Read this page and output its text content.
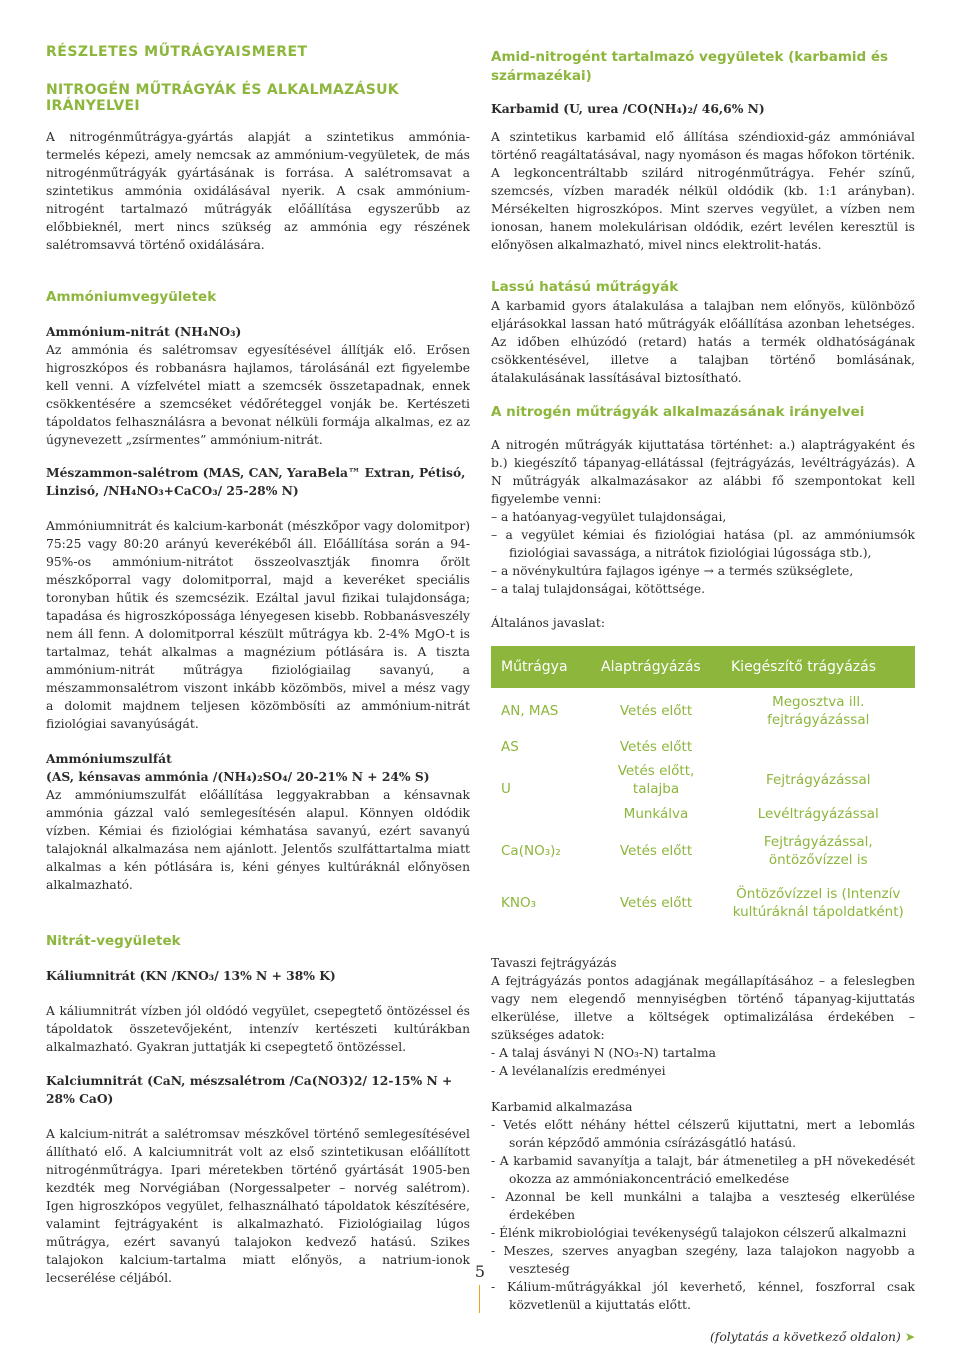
RÉSZLETES MŰTRÁGYAISMERET
NITROGÉN MŰTRÁGYÁK ÉS ALKALMAZÁSUK IRÁNYELVEI

A nitrogénműtrágya-gyártás alapját a szintetikus ammónia-termelés képezi, amely nemcsak az ammónium-vegyületek, de más nitrogénműtrágyák gyártásának is forrása. A salétromsavat a szintetikus ammónia oxidálásával nyerik. A csak ammónium-nitrogént tartalmazó műtrágyák előállítása egyszerűbb az előbbieknél, mert nincs szükség az ammónia egy részének salétromsavvá történő oxidálására.

Ammóniumvegyületek

Ammónium-nitrát (NH₄NO₃)

Az ammónia és salétromsav egyesítésével állítják elő. Erősen higroszkópos és robbanásra hajlamos, tárolásánál ezt figyelembe kell venni. A vízfelvétel miatt a szemcsék összetapadnak, ennek csökkentésére a szemcséket védőréteggel vonják be. Kertészeti tápoldatos felhasználásra a bevonat nélküli formája alkalmas, ez az úgynevezett „zsírmentes” ammónium-nitrát.

Mészammon-salétrom (MAS, CAN, YaraBela™ Extran, Pétisó, Linzisó, /NH₄NO₃+CaCO₃/ 25-28% N)

Ammóniumnitrát és kalcium-karbonát (mészkőpor vagy dolomitpor) 75:25 vagy 80:20 arányú keverékéből áll. Előállítása során a 94-95%-os ammónium-nitrátot összeolvasztják finomra őrölt mészkőporral vagy dolomitporral, majd a keveréket speciális toronyban hűtik és szemcsézik. Ezáltal javul fizikai tulajdonsága; tapadása és higroszkópossága lényegesen kisebb. Robbanásveszély nem áll fenn. A dolomitporral készült műtrágya kb. 2-4% MgO-t is tartalmaz, tehát alkalmas a magnézium pótlására is. A tiszta ammónium-nitrát műtrágya fiziológiailag savanyú, a mészammonsalétrom viszont inkább közömbös, mivel a mész vagy a dolomit majdnem teljesen közömbösíti az ammónium-nitrát fiziológiai savanyúságát.

Ammóniumszulfát

(AS, kénsavas ammónia /(NH₄)₂SO₄/ 20-21% N + 24% S)

Az ammóniumszulfát előállítása leggyakrabban a kénsavnak ammónia gázzal való semlegesítésén alapul. Könnyen oldódik vízben. Kémiai és fiziológiai kémhatása savanyú, ezért savanyú talajoknál alkalmazása nem ajánlott. Jelentős szulfáttartalma miatt alkalmas a kén pótlására is, kéni gényes kultúráknál előnyösen alkalmazható.

Nitrát-vegyületek

Káliumnitrát (KN /KNO₃/ 13% N + 38% K)

A káliumnitrát vízben jól oldódó vegyület, csepegtető öntözéssel és tápoldatok összetevőjeként, intenzív kertészeti kultúrákban alkalmazható. Gyakran juttatják ki csepegtető öntözéssel.

Kalciumnitrát (CaN, mészsalétrom /Ca(NO3)2/ 12-15% N + 28% CaO)

A kalcium-nitrát a salétromsav mészkővel történő semlegesítésével állítható elő. A kalciumnitrát volt az első szintetikusan előállított nitrogénműtrágya. Ipari méretekben történő gyártását 1905-ben kezdték meg Norvégiában (Norgessalpeter – norvég salétrom). Igen higroszkópos vegyület, felhasználható tápoldatok készítésére, valamint fejtrágyaként is alkalmazható. Fiziológiailag lúgos műtrágya, ezért savanyú talajokon kedvező hatású. Szikes talajokon kalcium-tartalma miatt előnyös, a natrium-ionok lecserélése céljából.

Amid-nitrogént tartalmazó vegyületek (karbamid és származékai)

Karbamid (U, urea /CO(NH₄)₂/ 46,6% N)

A szintetikus karbamid elő állítása széndioxid-gáz ammóniával történő reagáltatásával, nagy nyomáson és magas hőfokon történik. A legkoncentráltabb szilárd nitrogénműtrágya. Fehér színű, szemcsés, vízben maradék nélkül oldódik (kb. 1:1 arányban). Mérsékelten higroszkópos. Mint szerves vegyület, a vízben nem ionosan, hanem molekulárisan oldódik, ezért levélen keresztül is előnyösen alkalmazható, mivel nincs elektrolit-hatás.

Lassú hatású műtrágyák

A karbamid gyors átalakulása a talajban nem előnyös, különböző eljárásokkal lassan ható műtrágyák előállítása azonban lehetséges. Az időben elhúzódó (retard) hatás a termék oldhatóságának csökkentésével, illetve a talajban történő bomlásának, átalakulásának lassításával biztosítható.

A nitrogén műtrágyák alkalmazásának irányelvei

A nitrogén műtrágyák kijuttatása történhet: a.) alaptrágyaként és b.) kiegészítő tápanyag-ellátással (fejtrágyázás, levéltrágyázás). A N műtrágyák alkalmazásakor az alábbi fő szempontokat kell figyelembe venni:

– a hatóanyag-vegyület tulajdonságai,
– a vegyület kémiai és fiziológiai hatása (pl. az ammóniumsók fiziológiai savassága, a nitrátok fiziológiai lúgossága stb.),
– a növénykultúra fajlagos igénye → a termés szükséglete,
– a talaj tulajdonságai, kötöttsége.

Általános javaslat:

Műtrágya	Alaptrágyázás	Kiegészítő trágyázás
AN, MAS	Vetés előtt	Megosztva ill. fejtrágyázással
AS	Vetés előtt	
U	Vetés előtt, talajba	Fejtrágyázással
	Munkálva	Levéltrágyázással
Ca(NO₃)₂	Vetés előtt	Fejtrágyázással, öntözővízzel is
KNO₃	Vetés előtt	Öntözővízzel is (Intenzív kultúráknál tápoldatként)

Tavaszi fejtrágyázás

A fejtrágyázás pontos adagjának megállapításához – a feleslegben vagy nem elegendő mennyiségben történő tápanyag-kijuttatás elkerülése, illetve a költségek optimalizálása érdekében – szükséges adatok:

- A talaj ásványi N (NO₃-N) tartalma
- A levélanalízis eredményei

Karbamid alkalmazása

- Vetés előtt néhány héttel célszerű kijuttatni, mert a lebomlás során képződő ammónia csírázásgátló hatású.
- A karbamid savanyítja a talajt, bár átmenetileg a pH növekedését okozza az ammóniakoncentráció emelkedése
- Azonnal be kell munkálni a talajba a veszteség elkerülése érdekében
- Élénk mikrobiológiai tevékenységű talajokon célszerű alkalmazni
- Meszes, szerves anyagban szegény, laza talajokon nagyobb a veszteség
- Kálium-műtrágyákkal jól keverhető, kénnel, foszforral csak közvetlenül a kijuttatás előtt.

(folytatás a következő oldalon) ➤

5
